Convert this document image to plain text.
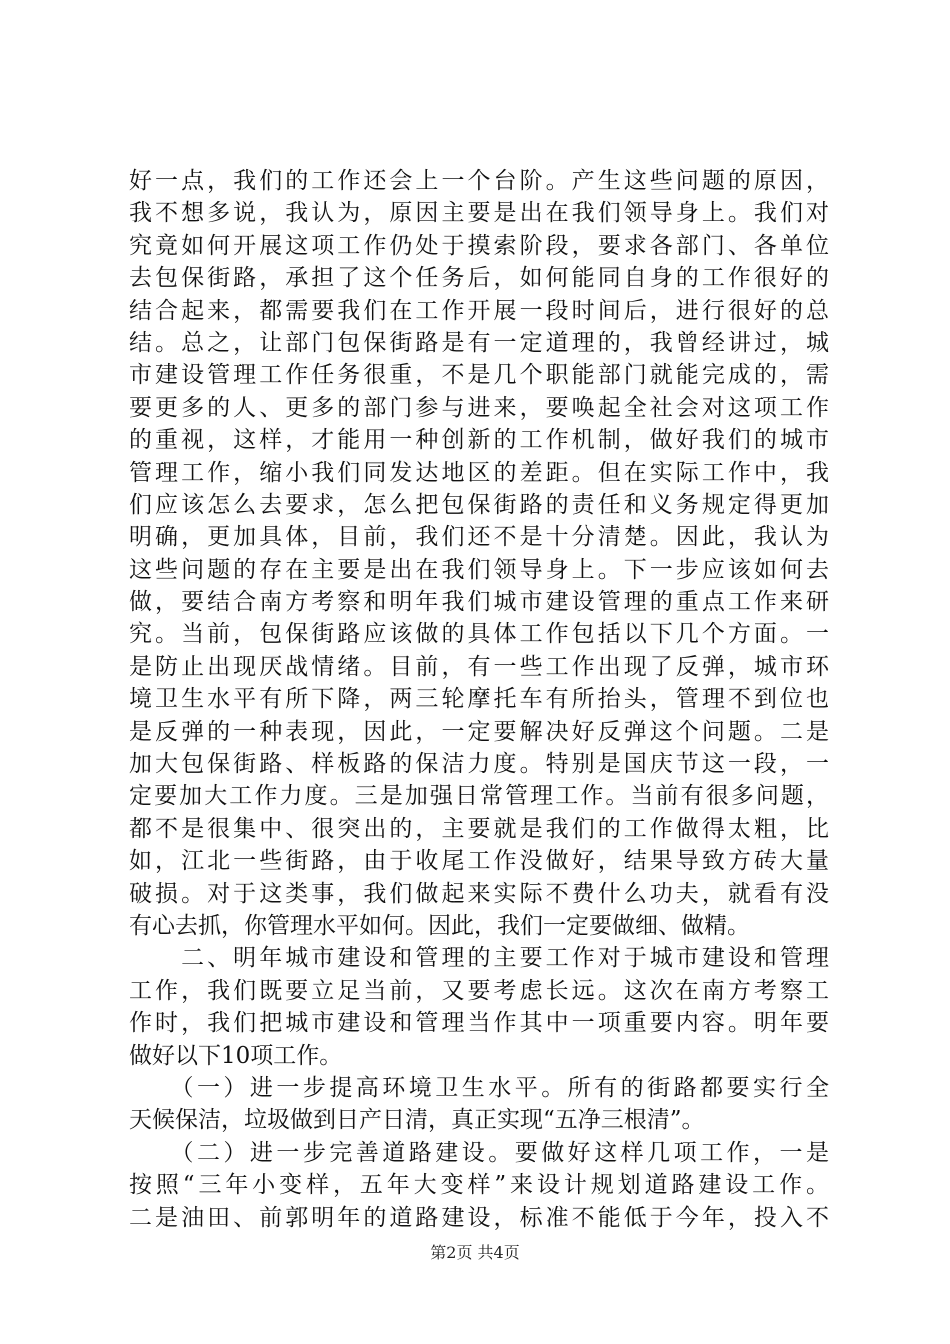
好一点，我们的工作还会上一个台阶。产生这些问题的原因，
我不想多说，我认为，原因主要是出在我们领导身上。我们对
究竟如何开展这项工作仍处于摸索阶段，要求各部门、各单位
去包保街路，承担了这个任务后，如何能同自身的工作很好的
结合起来，都需要我们在工作开展一段时间后，进行很好的总
结。总之，让部门包保街路是有一定道理的，我曾经讲过，城
市建设管理工作任务很重，不是几个职能部门就能完成的，需
要更多的人、更多的部门参与进来，要唤起全社会对这项工作
的重视，这样，才能用一种创新的工作机制，做好我们的城市
管理工作，缩小我们同发达地区的差距。但在实际工作中，我
们应该怎么去要求，怎么把包保街路的责任和义务规定得更加
明确，更加具体，目前，我们还不是十分清楚。因此，我认为
这些问题的存在主要是出在我们领导身上。下一步应该如何去
做，要结合南方考察和明年我们城市建设管理的重点工作来研
究。当前，包保街路应该做的具体工作包括以下几个方面。一
是防止出现厌战情绪。目前，有一些工作出现了反弹，城市环
境卫生水平有所下降，两三轮摩托车有所抬头，管理不到位也
是反弹的一种表现，因此，一定要解决好反弹这个问题。二是
加大包保街路、样板路的保洁力度。特别是国庆节这一段，一
定要加大工作力度。三是加强日常管理工作。当前有很多问题，
都不是很集中、很突出的，主要就是我们的工作做得太粗，比
如，江北一些街路，由于收尾工作没做好，结果导致方砖大量
破损。对于这类事，我们做起来实际不费什么功夫，就看有没
有心去抓，你管理水平如何。因此，我们一定要做细、做精。
　　二、明年城市建设和管理的主要工作对于城市建设和管理
工作，我们既要立足当前，又要考虑长远。这次在南方考察工
作时，我们把城市建设和管理当作其中一项重要内容。明年要
做好以下10项工作。
　　（一）进一步提高环境卫生水平。所有的街路都要实行全
天候保洁，垃圾做到日产日清，真正实现“五净三根清”。
　　（二）进一步完善道路建设。要做好这样几项工作，一是
按照“三年小变样，五年大变样”来设计规划道路建设工作。
二是油田、前郭明年的道路建设，标准不能低于今年，投入不
第2页 共4页
